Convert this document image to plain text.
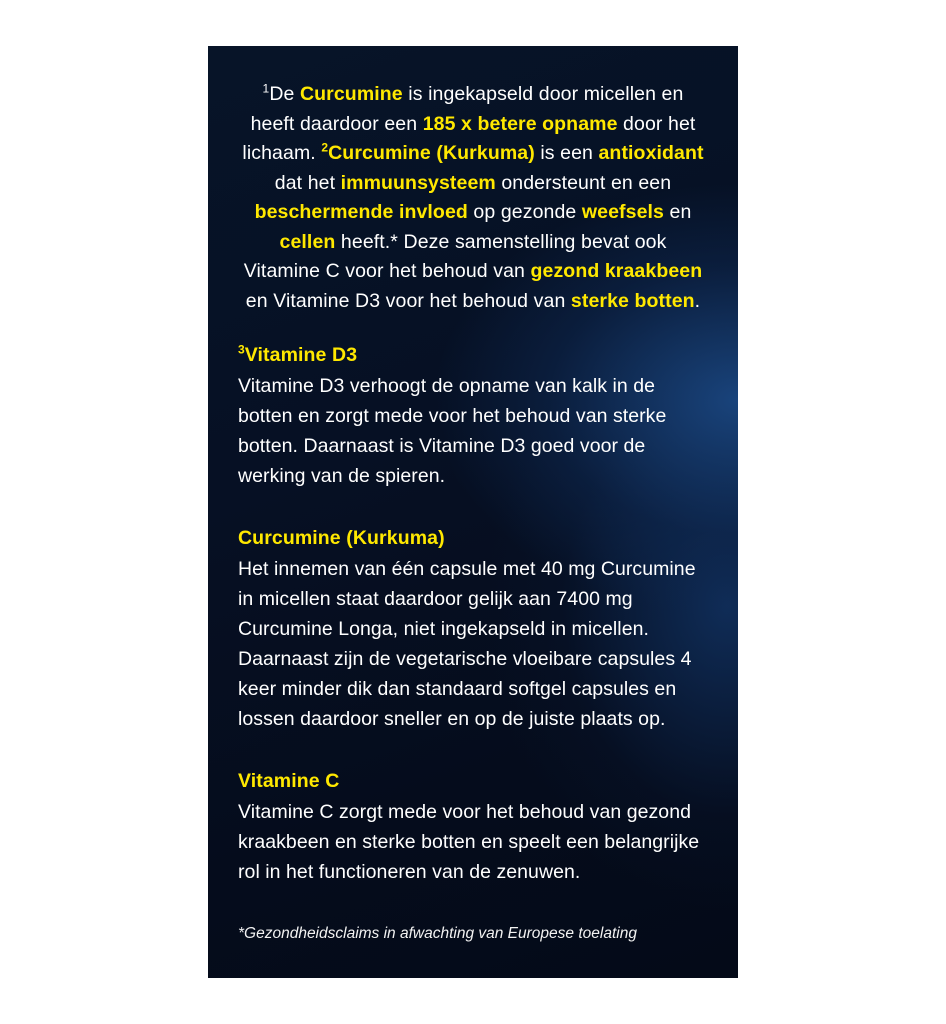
$^1$De Curcumine is ingekapseld door micellen en heeft daardoor een 185 x betere opname door het lichaam. $^2$Curcumine (Kurkuma) is een antioxidant dat het immuunsysteem ondersteunt en een beschermende invloed op gezonde weefsels en cellen heeft.* Deze samenstelling bevat ook Vitamine C voor het behoud van gezond kraakbeen en Vitamine D3 voor het behoud van sterke botten.

$^3$Vitamine D3

Vitamine D3 verhoogt de opname van kalk in de botten en zorgt mede voor het behoud van sterke botten. Daarnaast is Vitamine D3 goed voor de werking van de spieren.

Curcumine (Kurkuma)

Het innemen van één capsule met 40 mg Curcumine in micellen staat daardoor gelijk aan 7400 mg Curcumine Longa, niet ingekapseld in micellen. Daarnaast zijn de vegetarische vloeibare capsules 4 keer minder dik dan standaard softgel capsules en lossen daardoor sneller en op de juiste plaats op.

Vitamine C

Vitamine C zorgt mede voor het behoud van gezond kraakbeen en sterke botten en speelt een belangrijke rol in het functioneren van de zenuwen.

*Gezondheidsclaims in afwachting van Europese toelating
